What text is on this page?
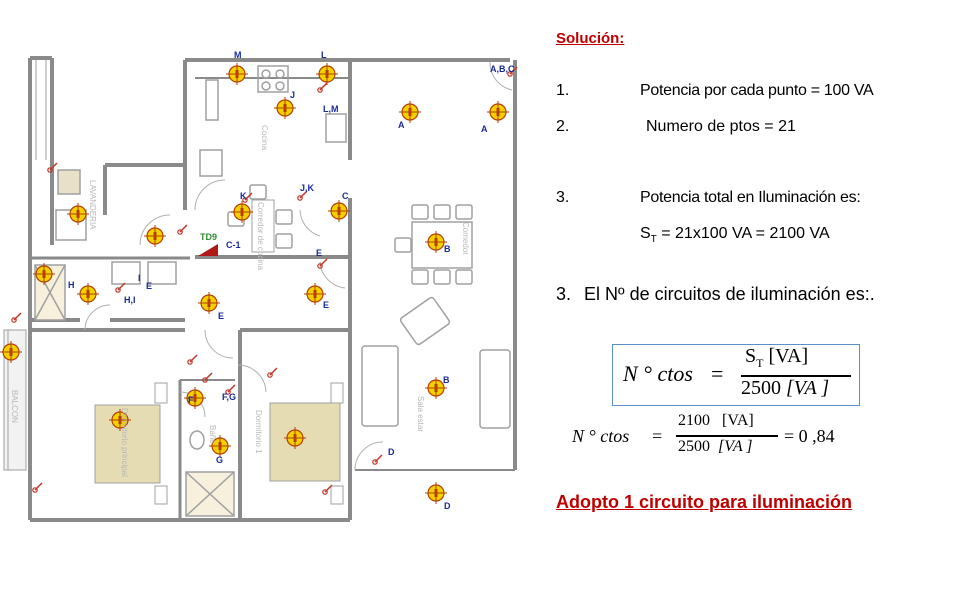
M	L
A,B,C
J
L,M
A	A
K
J,K
C
C-1
E	B
H
I
E
H,I
E
E
F	F,G
G
B
D
D
TD9
Cocina
LAVANDERIA
Comedor
Dormitorio principal	Dormitorio 1	Sala estar
BALCON
Baño
Corredor de cocina
Solución:
1.	Potencia por cada punto = 100 VA
2.	Numero de ptos = 21
3.	Potencia total en Iluminación es:
$S_T = 21x100$ VA = 2100 VA
3. El Nº de circuitos de iluminación es:.
N ° ctos =
$S_T$ [VA]
2500 [VA ]
N ° ctos =
2100 [VA]
2500 [VA ]
= 0 ,84
Adopto 1 circuito para iluminación
